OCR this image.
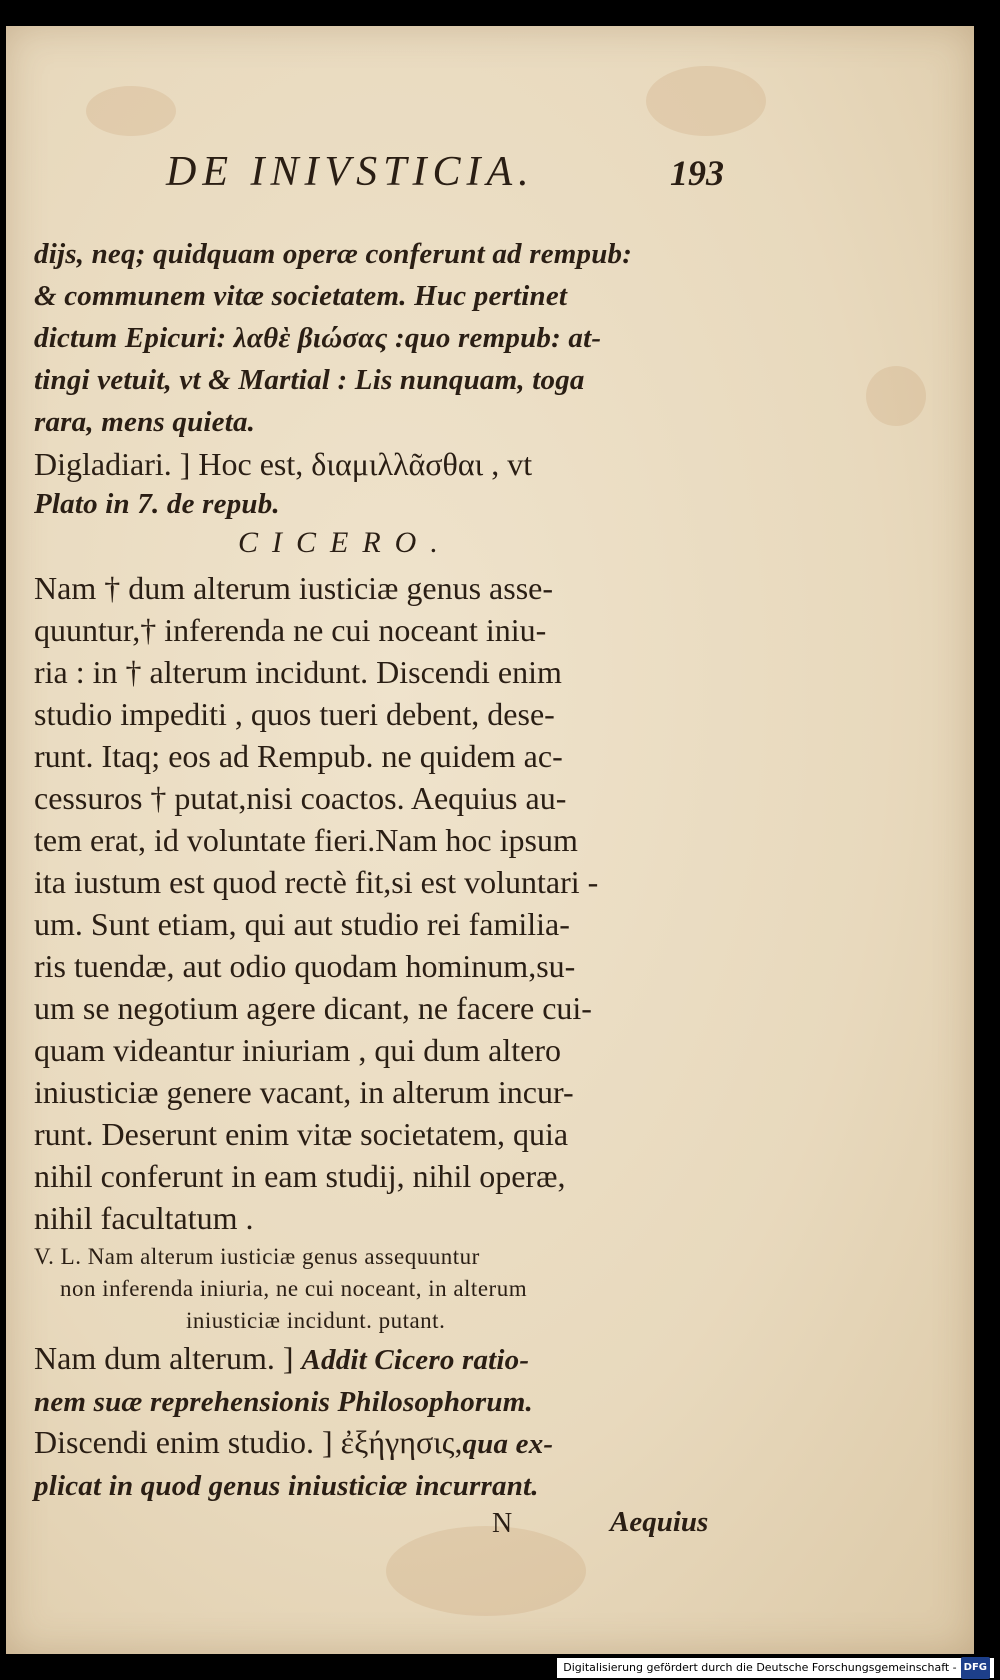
DE INIVSTICIA.	193
dijs, neq; quidquam operæ conferunt ad rempub:
& communem vitæ societatem. Huc pertinet
dictum Epicuri: λαθὲ βιώσας :quo rempub: at-
tingi vetuit, vt & Martial : Lis nunquam, toga
rara, mens quieta.
Digladiari. ] Hoc est, διαμιλλᾶσθαι , vt
Plato in 7. de repub.
CICERO.
Nam † dum alterum iusticiæ genus asse-
quuntur,† inferenda ne cui noceant iniu-
ria : in † alterum incidunt. Discendi enim
studio impediti , quos tueri debent, dese-
runt. Itaq; eos ad Rempub. ne quidem ac-
cessuros † putat,nisi coactos. Aequius au-
tem erat, id voluntate fieri.Nam hoc ipsum
ita iustum est quod rectè fit,si est voluntari -
um. Sunt etiam, qui aut studio rei familia-
ris tuendæ, aut odio quodam hominum,su-
um se negotium agere dicant, ne facere cui-
quam videantur iniuriam , qui dum altero
iniusticiæ genere vacant, in alterum incur-
runt. Deserunt enim vitæ societatem, quia
nihil conferunt in eam studij, nihil operæ,
nihil facultatum .
V. L. Nam alterum iusticiæ genus assequuntur
non inferenda iniuria, ne cui noceant, in alterum
iniusticiæ incidunt. putant.
Nam dum alterum. ] Addit Cicero ratio-
nem suæ reprehensionis Philosophorum.
Discendi enim studio. ] ἐξήγησις,qua ex-
plicat in quod genus iniusticiæ incurrant.
N	Aequius
Digitalisierung gefördert durch die Deutsche Forschungsgemeinschaft - DFG
